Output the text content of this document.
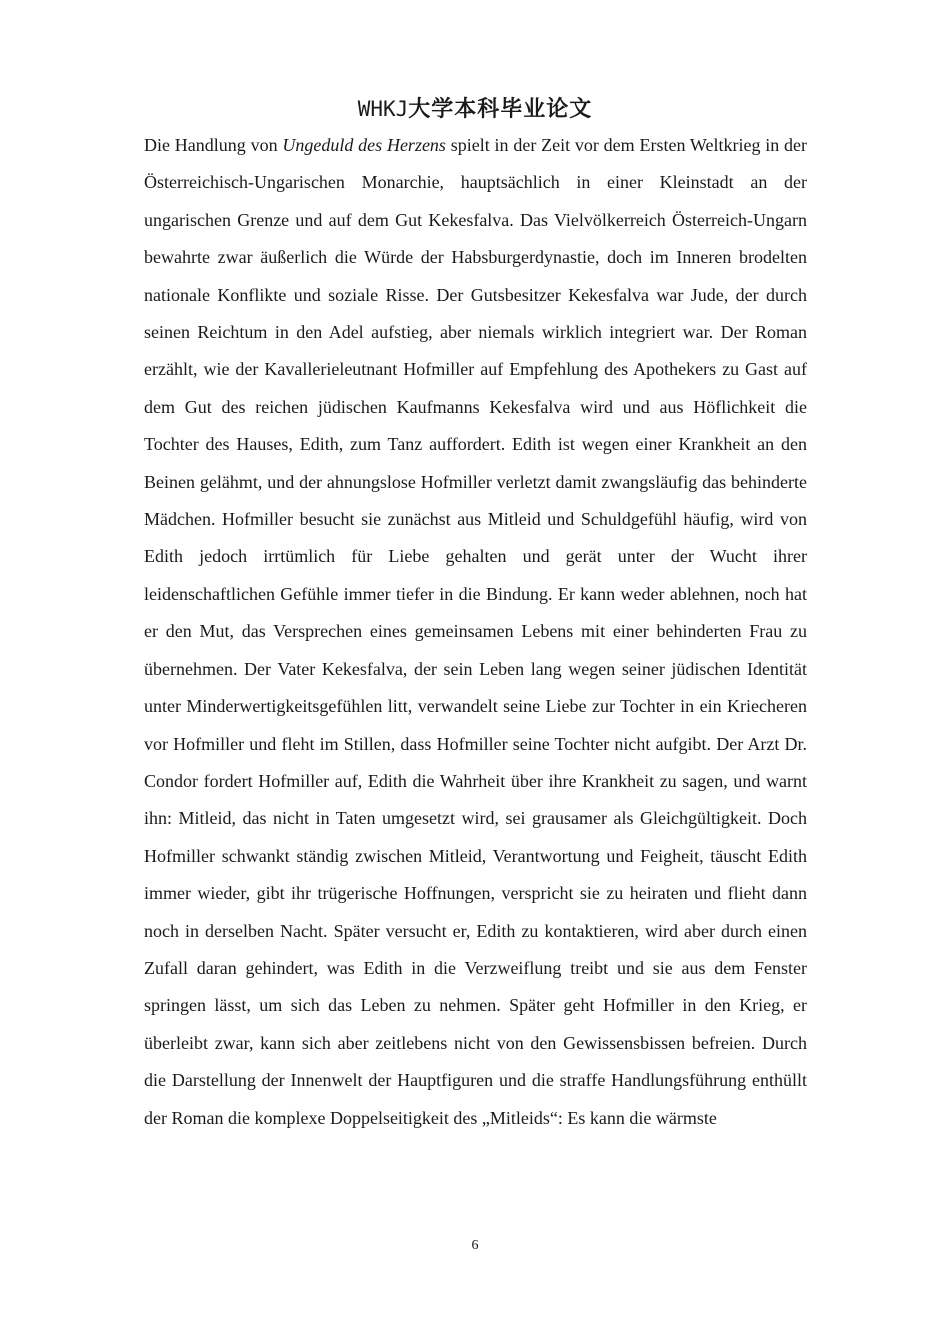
WHKJ大学本科毕业论文

Die Handlung von Ungeduld des Herzens spielt in der Zeit vor dem Ersten Weltkrieg in der Österreichisch-Ungarischen Monarchie, hauptsächlich in einer Kleinstadt an der ungarischen Grenze und auf dem Gut Kekesfalva. Das Vielvölkerreich Österreich-Ungarn bewahrte zwar äußerlich die Würde der Habsburgerdynastie, doch im Inneren brodelten nationale Konflikte und soziale Risse. Der Gutsbesitzer Kekesfalva war Jude, der durch seinen Reichtum in den Adel aufstieg, aber niemals wirklich integriert war. Der Roman erzählt, wie der Kavallerieleutnant Hofmiller auf Empfehlung des Apothekers zu Gast auf dem Gut des reichen jüdischen Kaufmanns Kekesfalva wird und aus Höflichkeit die Tochter des Hauses, Edith, zum Tanz auffordert. Edith ist wegen einer Krankheit an den Beinen gelähmt, und der ahnungslose Hofmiller verletzt damit zwangsläufig das behinderte Mädchen. Hofmiller besucht sie zunächst aus Mitleid und Schuldgefühl häufig, wird von Edith jedoch irrtümlich für Liebe gehalten und gerät unter der Wucht ihrer leidenschaftlichen Gefühle immer tiefer in die Bindung. Er kann weder ablehnen, noch hat er den Mut, das Versprechen eines gemeinsamen Lebens mit einer behinderten Frau zu übernehmen. Der Vater Kekesfalva, der sein Leben lang wegen seiner jüdischen Identität unter Minderwertigkeitsgefühlen litt, verwandelt seine Liebe zur Tochter in ein Kriecheren vor Hofmiller und fleht im Stillen, dass Hofmiller seine Tochter nicht aufgibt. Der Arzt Dr. Condor fordert Hofmiller auf, Edith die Wahrheit über ihre Krankheit zu sagen, und warnt ihn: Mitleid, das nicht in Taten umgesetzt wird, sei grausamer als Gleichgültigkeit. Doch Hofmiller schwankt ständig zwischen Mitleid, Verantwortung und Feigheit, täuscht Edith immer wieder, gibt ihr trügerische Hoffnungen, verspricht sie zu heiraten und flieht dann noch in derselben Nacht. Später versucht er, Edith zu kontaktieren, wird aber durch einen Zufall daran gehindert, was Edith in die Verzweiflung treibt und sie aus dem Fenster springen lässt, um sich das Leben zu nehmen. Später geht Hofmiller in den Krieg, er überleibt zwar, kann sich aber zeitlebens nicht von den Gewissensbissen befreien. Durch die Darstellung der Innenwelt der Hauptfiguren und die straffe Handlungsführung enthüllt der Roman die komplexe Doppelseitigkeit des „Mitleids“: Es kann die wärmste

6
